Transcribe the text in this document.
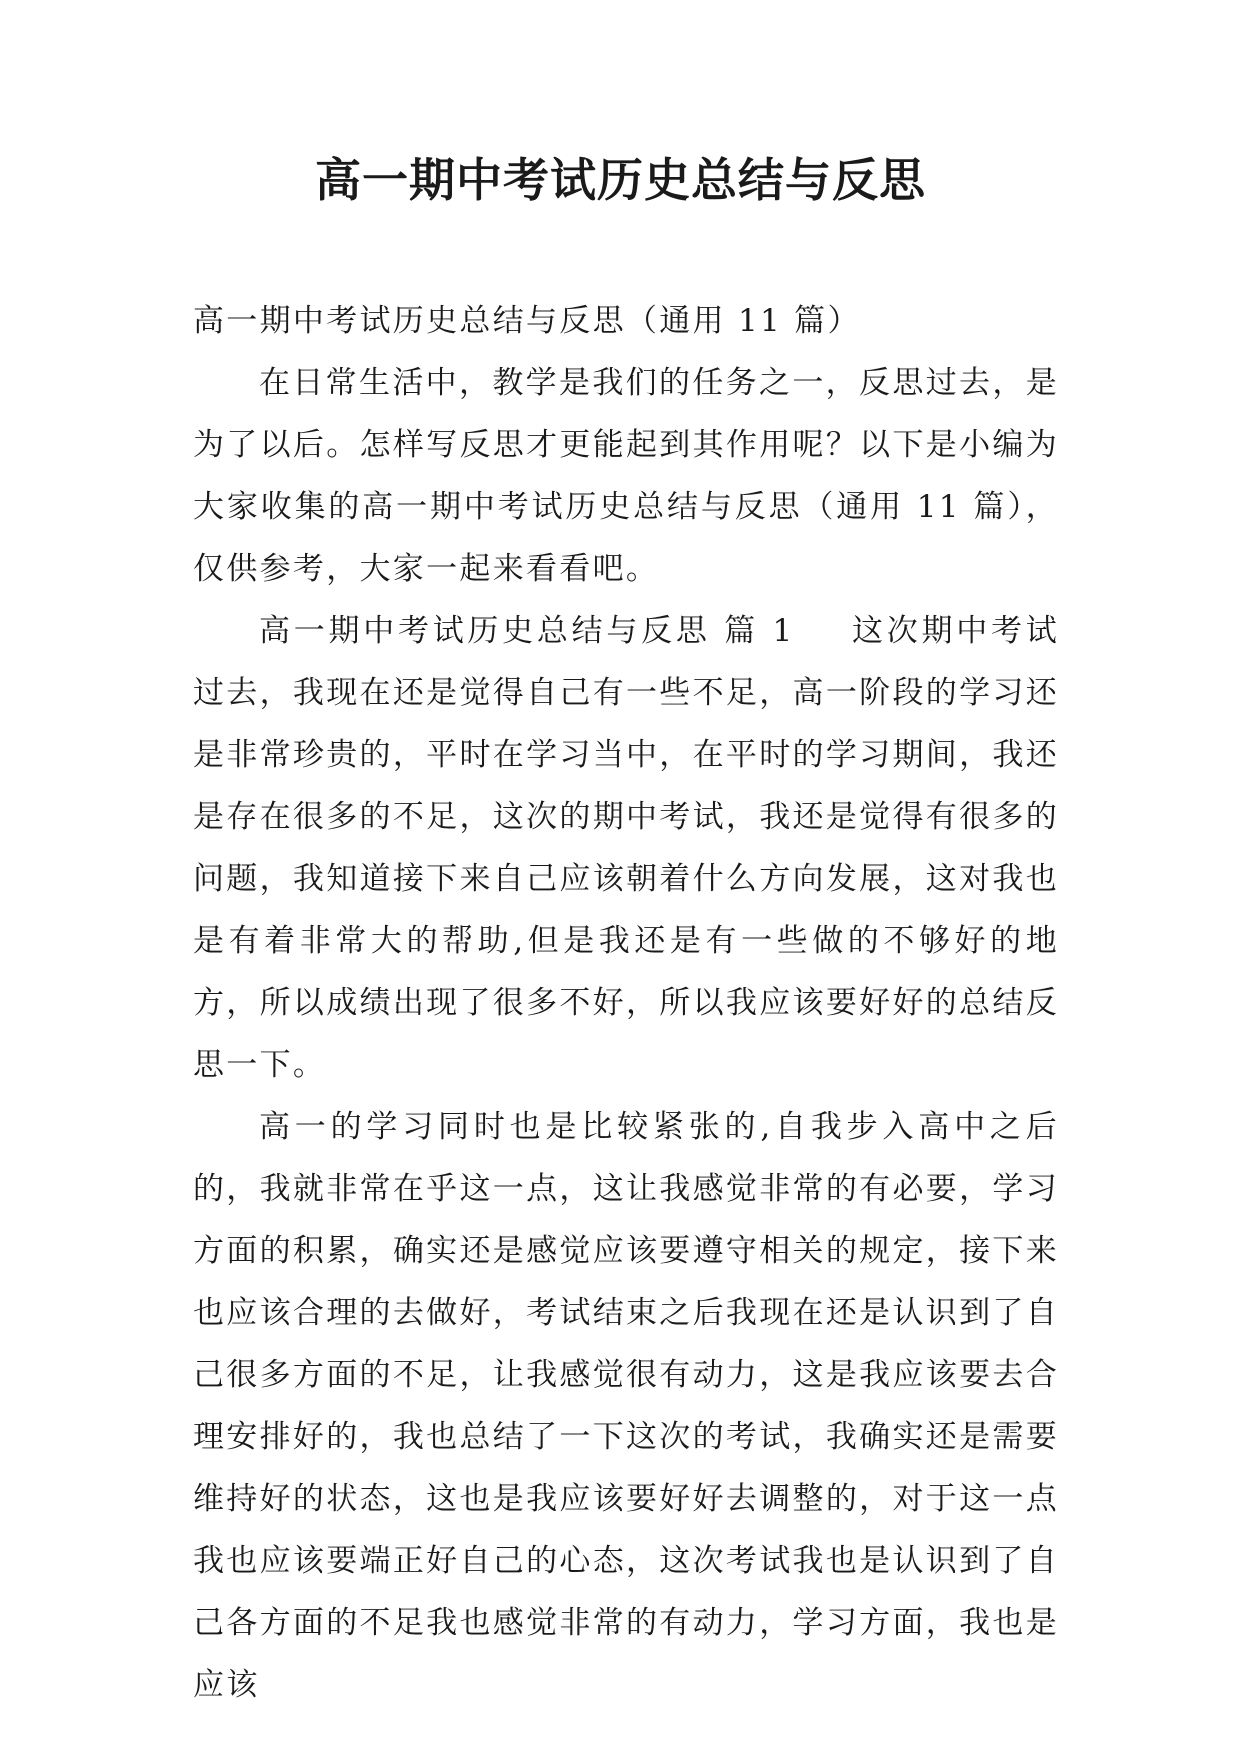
高一期中考试历史总结与反思

高一期中考试历史总结与反思（通用 11 篇）

在日常生活中，教学是我们的任务之一，反思过去，是为了以后。怎样写反思才更能起到其作用呢？以下是小编为大家收集的高一期中考试历史总结与反思（通用 11 篇），仅供参考，大家一起来看看吧。

高一期中考试历史总结与反思 篇 1 这次期中考试过去，我现在还是觉得自己有一些不足，高一阶段的学习还是非常珍贵的，平时在学习当中，在平时的学习期间，我还是存在很多的不足，这次的期中考试，我还是觉得有很多的问题，我知道接下来自己应该朝着什么方向发展，这对我也是有着非常大的帮助,但是我还是有一些做的不够好的地方，所以成绩出现了很多不好，所以我应该要好好的总结反思一下。

高一的学习同时也是比较紧张的,自我步入高中之后的，我就非常在乎这一点，这让我感觉非常的有必要，学习方面的积累，确实还是感觉应该要遵守相关的规定，接下来也应该合理的去做好，考试结束之后我现在还是认识到了自己很多方面的不足，让我感觉很有动力，这是我应该要去合理安排好的，我也总结了一下这次的考试，我确实还是需要维持好的状态，这也是我应该要好好去调整的，对于这一点我也应该要端正好自己的心态，这次考试我也是认识到了自己各方面的不足我也感觉非常的有动力，学习方面，我也是应该
